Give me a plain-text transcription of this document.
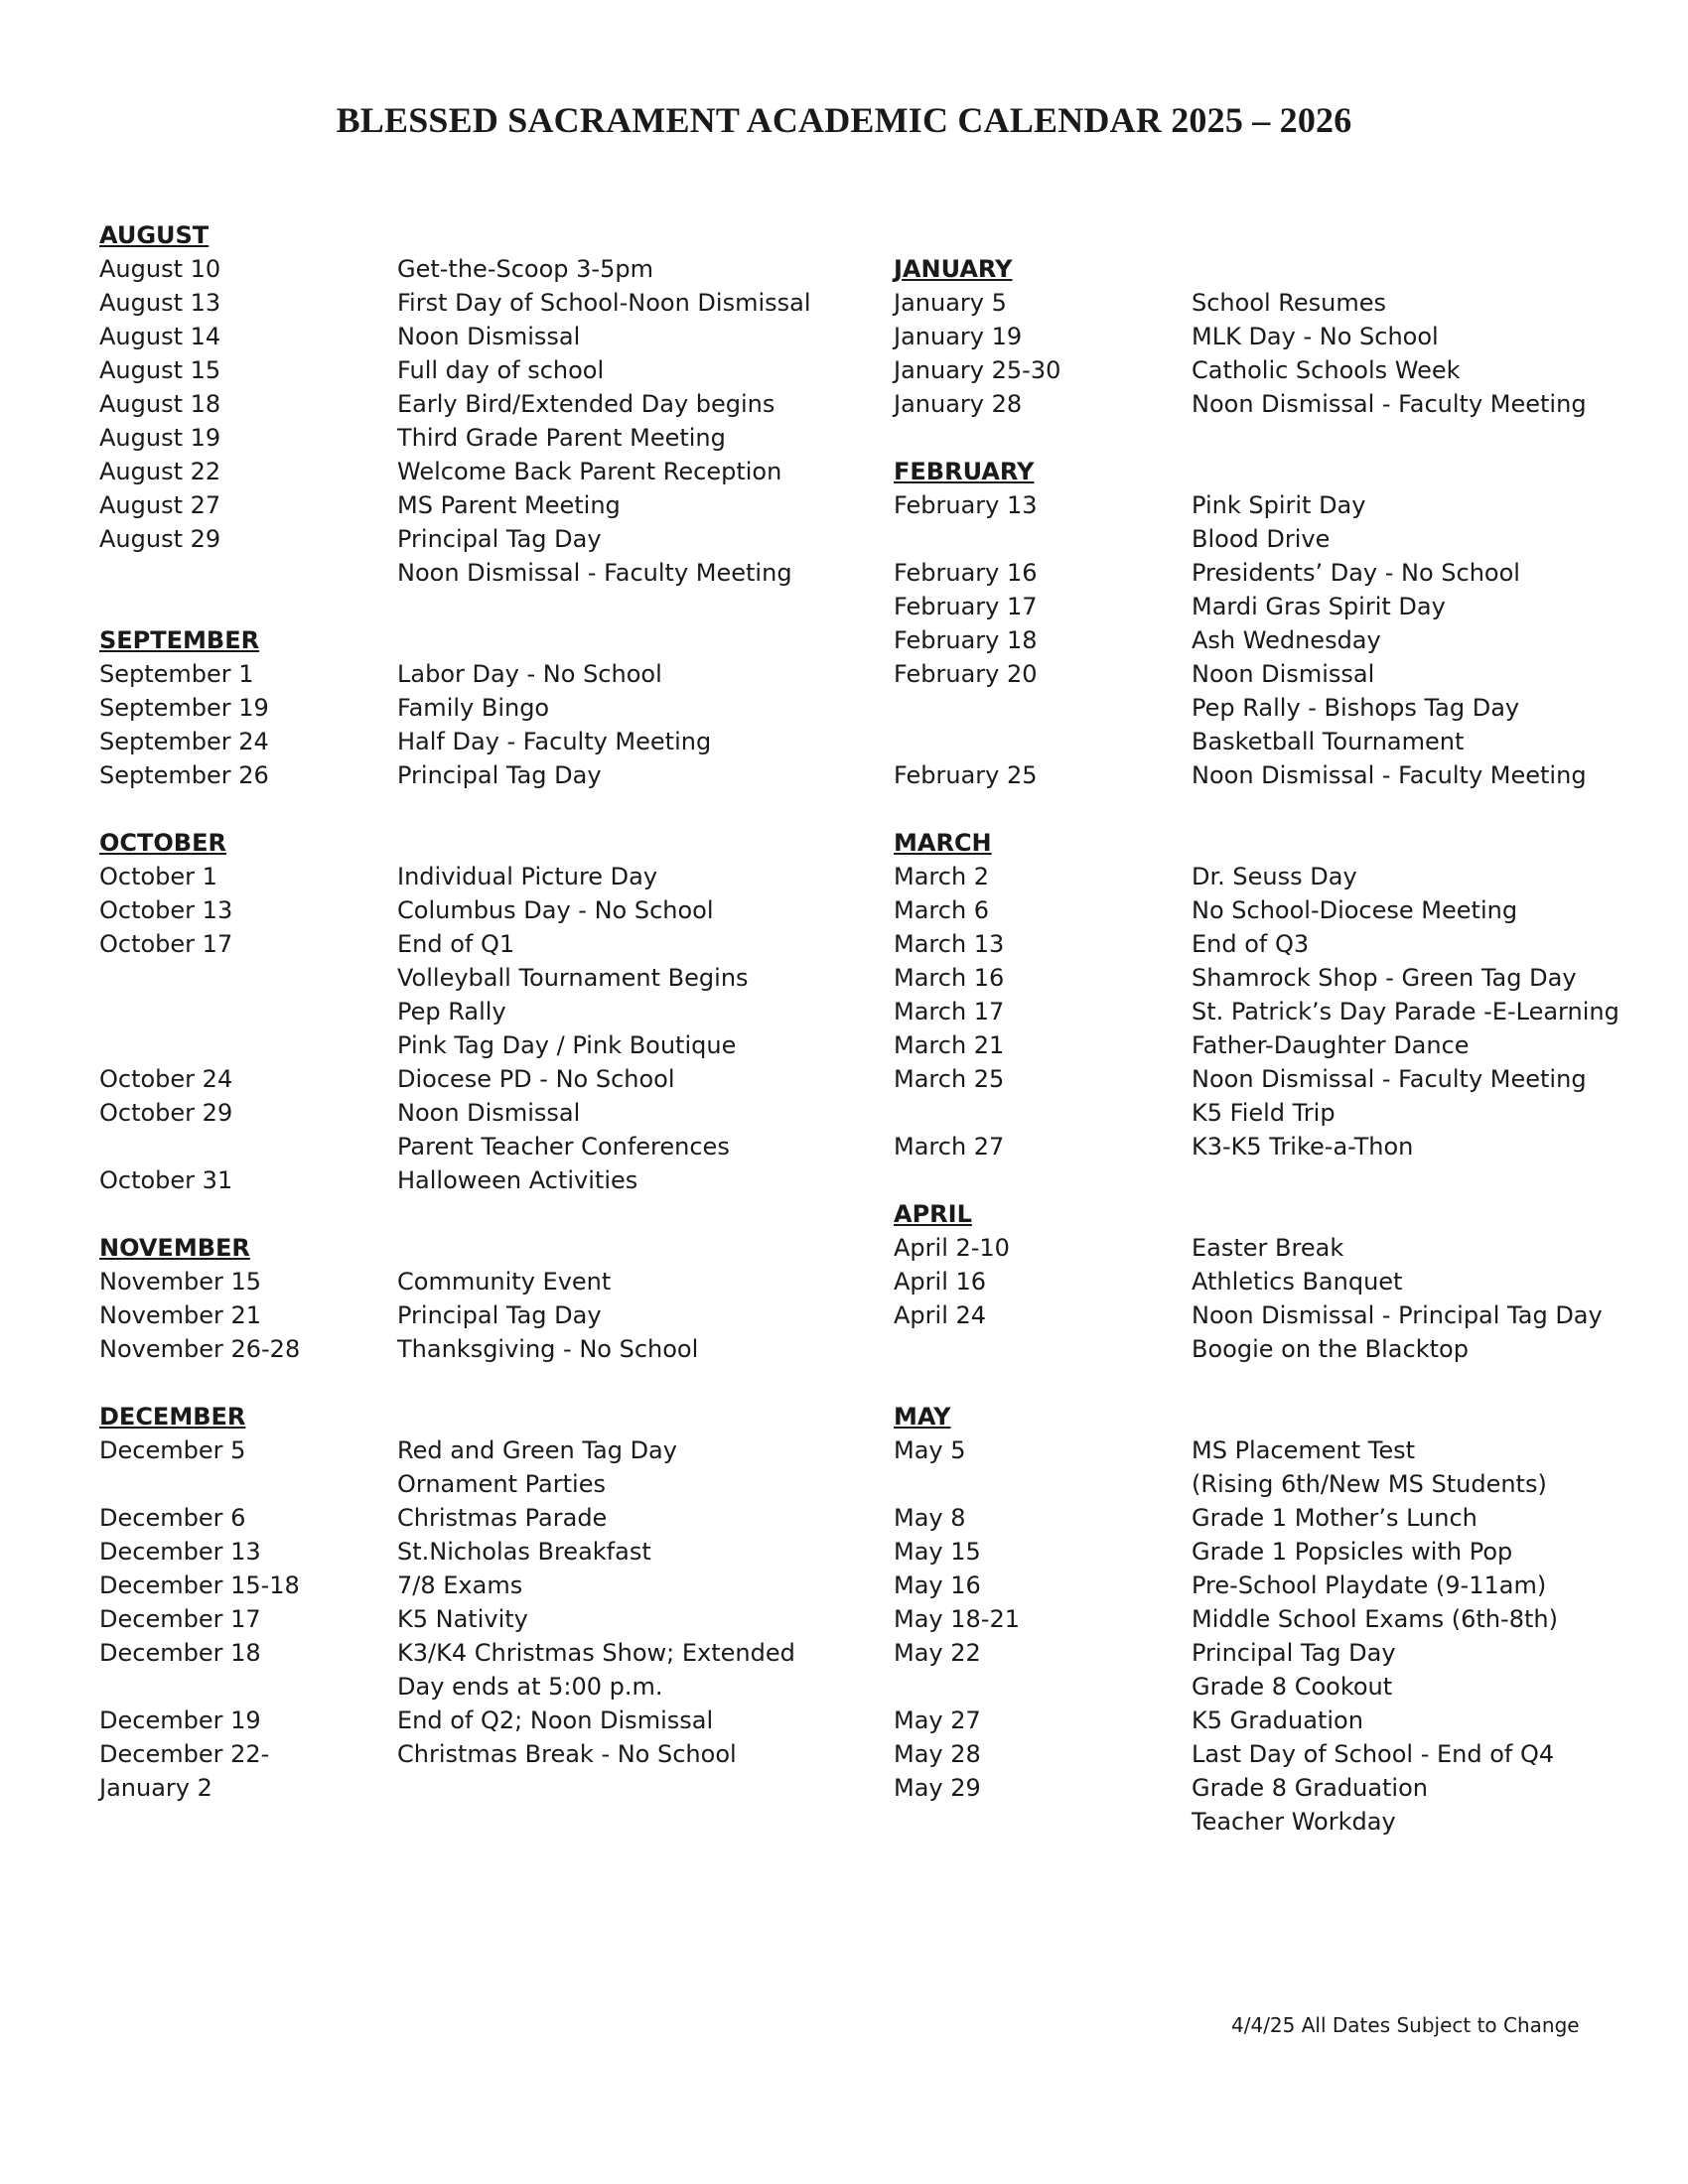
BLESSED SACRAMENT ACADEMIC CALENDAR 2025 – 2026
AUGUST
August 10	Get-the-Scoop 3-5pm
August 13	First Day of School-Noon Dismissal
August 14	Noon Dismissal
August 15	Full day of school
August 18	Early Bird/Extended Day begins
August 19	Third Grade Parent Meeting
August 22	Welcome Back Parent Reception
August 27	MS Parent Meeting
August 29	Principal Tag Day
Noon Dismissal - Faculty Meeting
SEPTEMBER
September 1	Labor Day - No School
September 19	Family Bingo
September 24	Half Day - Faculty Meeting
September 26	Principal Tag Day
OCTOBER
October 1	Individual Picture Day
October 13	Columbus Day - No School
October 17	End of Q1
Volleyball Tournament Begins
Pep Rally
Pink Tag Day / Pink Boutique
October 24	Diocese PD - No School
October 29	Noon Dismissal
Parent Teacher Conferences
October 31	Halloween Activities
NOVEMBER
November 15	Community Event
November 21	Principal Tag Day
November 26-28	Thanksgiving - No School
DECEMBER
December 5	Red and Green Tag Day
Ornament Parties
December 6	Christmas Parade
December 13	St.Nicholas Breakfast
December 15-18	7/8 Exams
December 17	K5 Nativity
December 18	K3/K4 Christmas Show; Extended
Day ends at 5:00 p.m.
December 19	End of Q2; Noon Dismissal
December 22-	Christmas Break - No School
January 2
JANUARY
January 5	School Resumes
January 19	MLK Day - No School
January 25-30	Catholic Schools Week
January 28	Noon Dismissal - Faculty Meeting
FEBRUARY
February 13	Pink Spirit Day
Blood Drive
February 16	Presidents’ Day - No School
February 17	Mardi Gras Spirit Day
February 18	Ash Wednesday
February 20	Noon Dismissal
Pep Rally - Bishops Tag Day
Basketball Tournament
February 25	Noon Dismissal - Faculty Meeting
MARCH
March 2	Dr. Seuss Day
March 6	No School-Diocese Meeting
March 13	End of Q3
March 16	Shamrock Shop - Green Tag Day
March 17	St. Patrick’s Day Parade -E-Learning
March 21	Father-Daughter Dance
March 25	Noon Dismissal - Faculty Meeting
K5 Field Trip
March 27	K3-K5 Trike-a-Thon
APRIL
April 2-10	Easter Break
April 16	Athletics Banquet
April 24	Noon Dismissal - Principal Tag Day
Boogie on the Blacktop
MAY
May 5	MS Placement Test
(Rising 6th/New MS Students)
May 8	Grade 1 Mother’s Lunch
May 15	Grade 1 Popsicles with Pop
May 16	Pre-School Playdate (9-11am)
May 18-21	Middle School Exams (6th-8th)
May 22	Principal Tag Day
Grade 8 Cookout
May 27	K5 Graduation
May 28	Last Day of School - End of Q4
May 29	Grade 8 Graduation
Teacher Workday
4/4/25 All Dates Subject to Change
